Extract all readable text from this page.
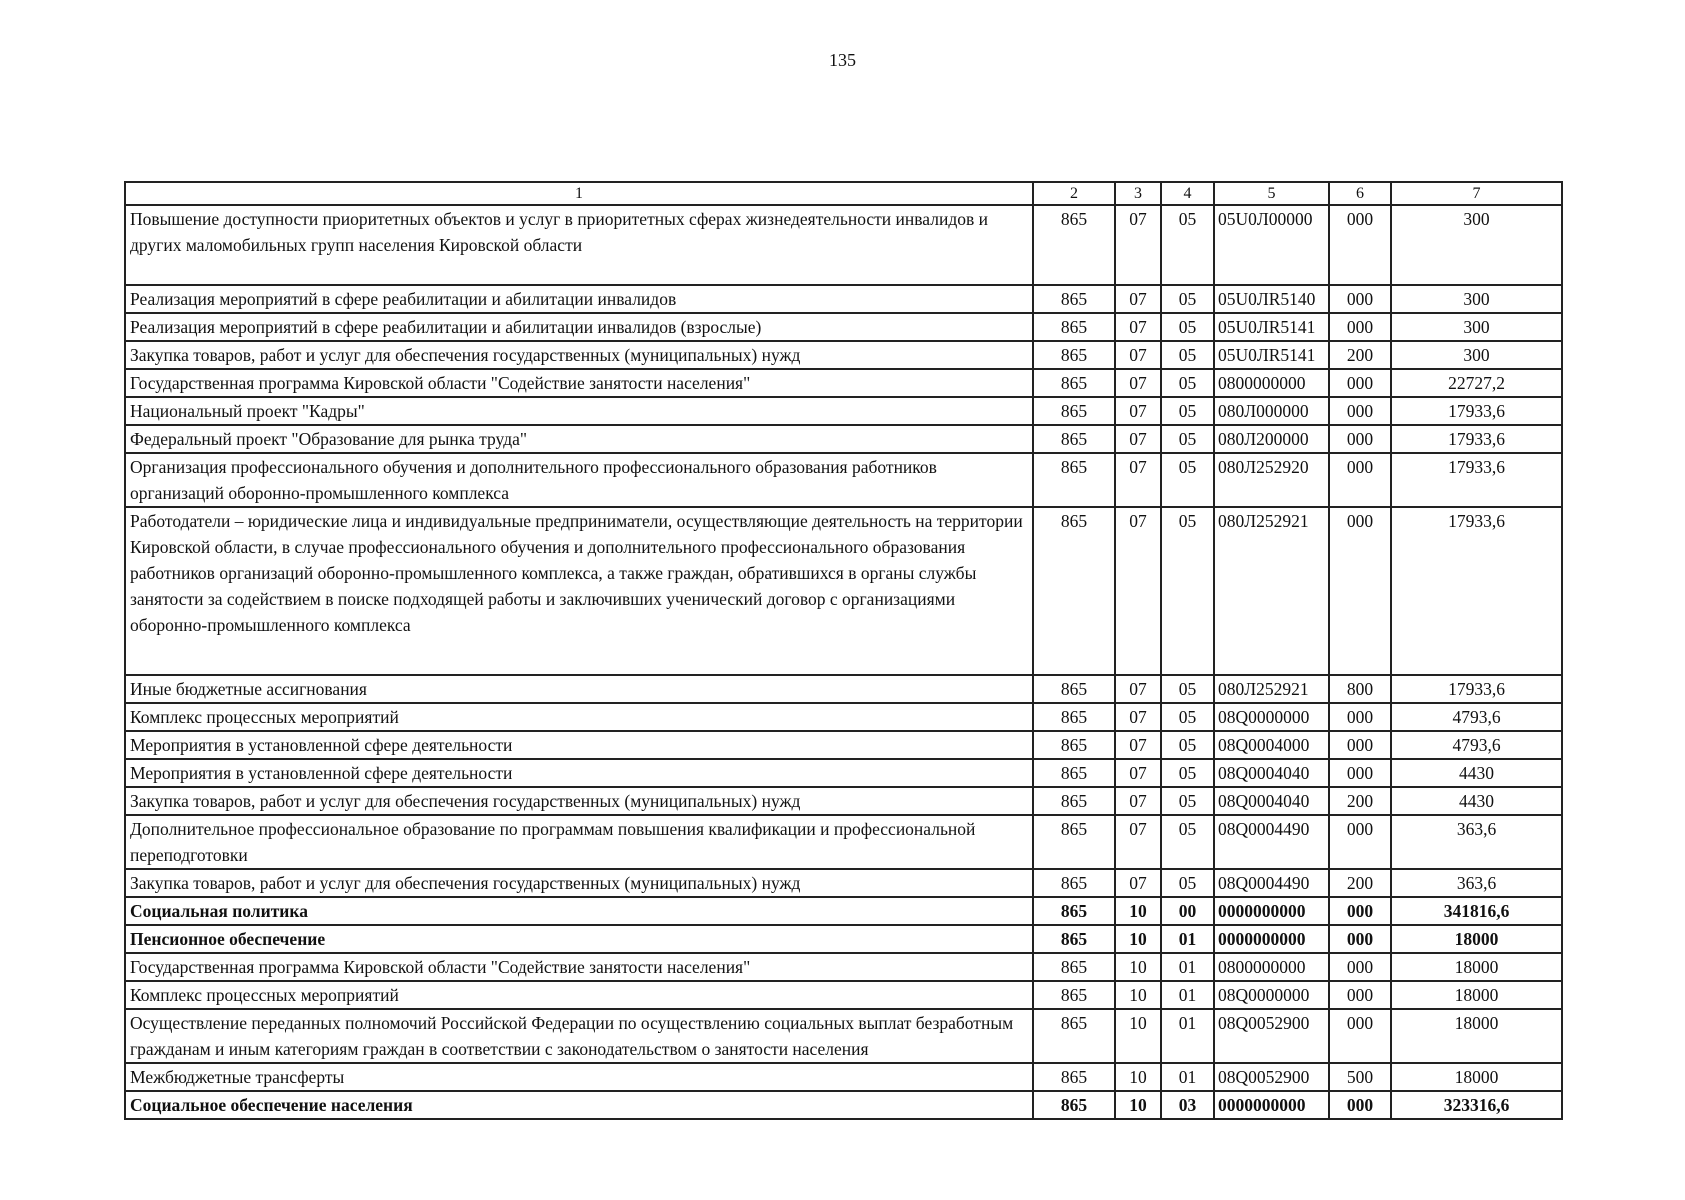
135
1	2	3	4	5	6	7
Повышение доступности приоритетных объектов и услуг в приоритетных сферах жизнедеятельности инвалидов и других маломобильных групп населения Кировской области	865	07	05	05U0Л00000	000	300
Реализация мероприятий в сфере реабилитации и абилитации инвалидов	865	07	05	05U0ЛR5140	000	300
Реализация мероприятий в сфере реабилитации и абилитации инвалидов (взрослые)	865	07	05	05U0ЛR5141	000	300
Закупка товаров, работ и услуг для обеспечения государственных (муниципальных) нужд	865	07	05	05U0ЛR5141	200	300
Государственная программа Кировской области "Содействие занятости населения"	865	07	05	0800000000	000	22727,2
Национальный проект "Кадры"	865	07	05	080Л000000	000	17933,6
Федеральный проект "Образование для рынка труда"	865	07	05	080Л200000	000	17933,6
Организация профессионального обучения и дополнительного профессионального образования работников организаций оборонно-промышленного комплекса	865	07	05	080Л252920	000	17933,6
Работодатели – юридические лица и индивидуальные предприниматели, осуществляющие деятельность на территории Кировской области, в случае профессионального обучения и дополнительного профессионального образования работников организаций оборонно-промышленного комплекса, а также граждан, обратившихся в органы службы занятости за содействием в поиске подходящей работы и заключивших ученический договор с организациями оборонно-промышленного комплекса	865	07	05	080Л252921	000	17933,6
Иные бюджетные ассигнования	865	07	05	080Л252921	800	17933,6
Комплекс процессных мероприятий	865	07	05	08Q0000000	000	4793,6
Мероприятия в установленной сфере деятельности	865	07	05	08Q0004000	000	4793,6
Мероприятия в установленной сфере деятельности	865	07	05	08Q0004040	000	4430
Закупка товаров, работ и услуг для обеспечения государственных (муниципальных) нужд	865	07	05	08Q0004040	200	4430
Дополнительное профессиональное образование по программам повышения квалификации и профессиональной переподготовки	865	07	05	08Q0004490	000	363,6
Закупка товаров, работ и услуг для обеспечения государственных (муниципальных) нужд	865	07	05	08Q0004490	200	363,6
Социальная политика	865	10	00	0000000000	000	341816,6
Пенсионное обеспечение	865	10	01	0000000000	000	18000
Государственная программа Кировской области "Содействие занятости населения"	865	10	01	0800000000	000	18000
Комплекс процессных мероприятий	865	10	01	08Q0000000	000	18000
Осуществление переданных полномочий Российской Федерации по осуществлению социальных выплат безработным гражданам и иным категориям граждан в соответствии с законодательством о занятости населения	865	10	01	08Q0052900	000	18000
Межбюджетные трансферты	865	10	01	08Q0052900	500	18000
Социальное обеспечение населения	865	10	03	0000000000	000	323316,6
